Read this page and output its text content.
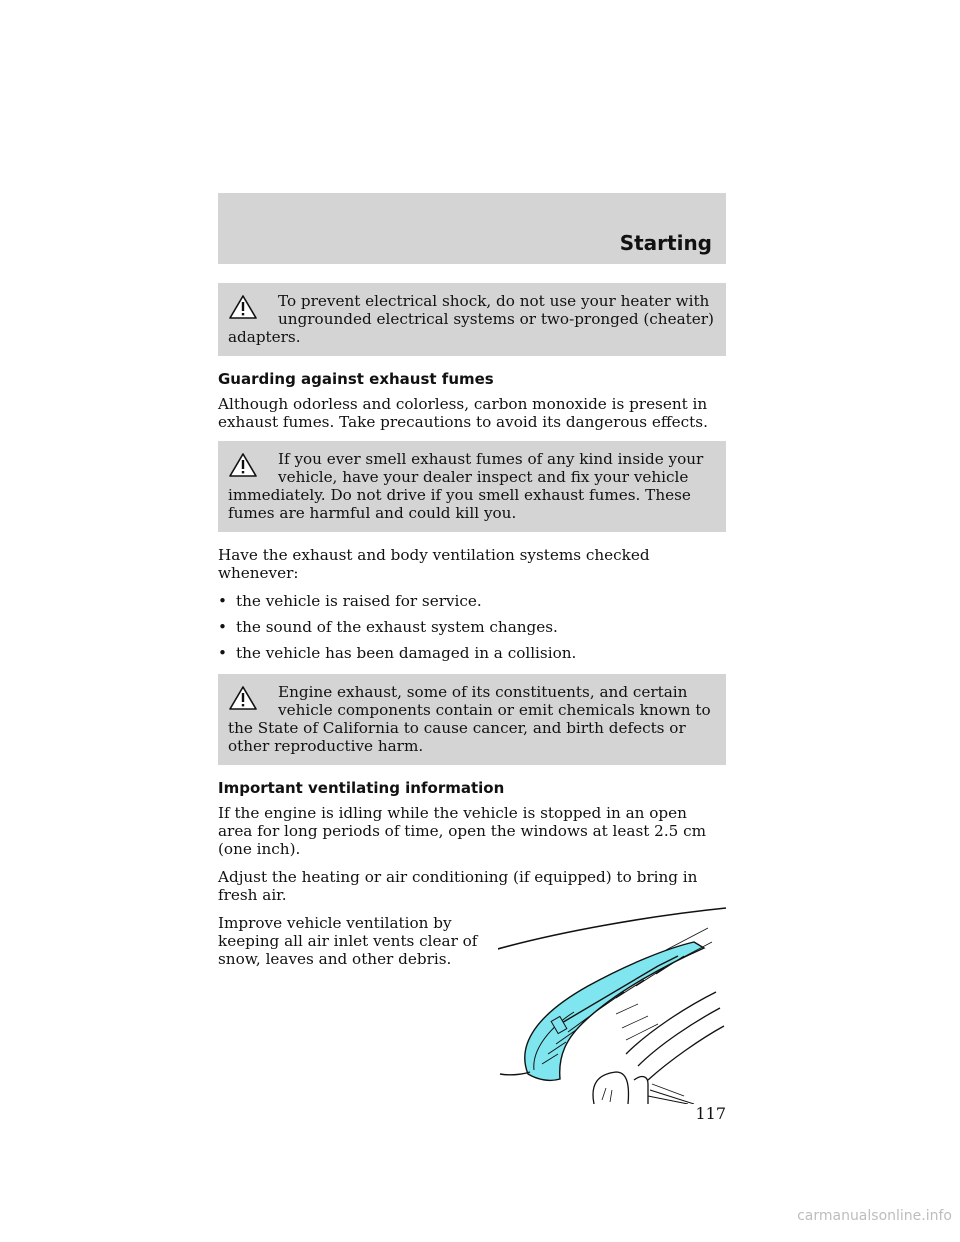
Starting

To prevent electrical shock, do not use your heater with ungrounded electrical systems or two-pronged (cheater) adapters.

Guarding against exhaust fumes

Although odorless and colorless, carbon monoxide is present in exhaust fumes. Take precautions to avoid its dangerous effects.

If you ever smell exhaust fumes of any kind inside your vehicle, have your dealer inspect and fix your vehicle immediately. Do not drive if you smell exhaust fumes. These fumes are harmful and could kill you.

Have the exhaust and body ventilation systems checked whenever:

• the vehicle is raised for service.
• the sound of the exhaust system changes.
• the vehicle has been damaged in a collision.

Engine exhaust, some of its constituents, and certain vehicle components contain or emit chemicals known to the State of California to cause cancer, and birth defects or other reproductive harm.

Important ventilating information

If the engine is idling while the vehicle is stopped in an open area for long periods of time, open the windows at least 2.5 cm (one inch).

Adjust the heating or air conditioning (if equipped) to bring in fresh air.

Improve vehicle ventilation by keeping all air inlet vents clear of snow, leaves and other debris.

117
carmanualsonline.info
